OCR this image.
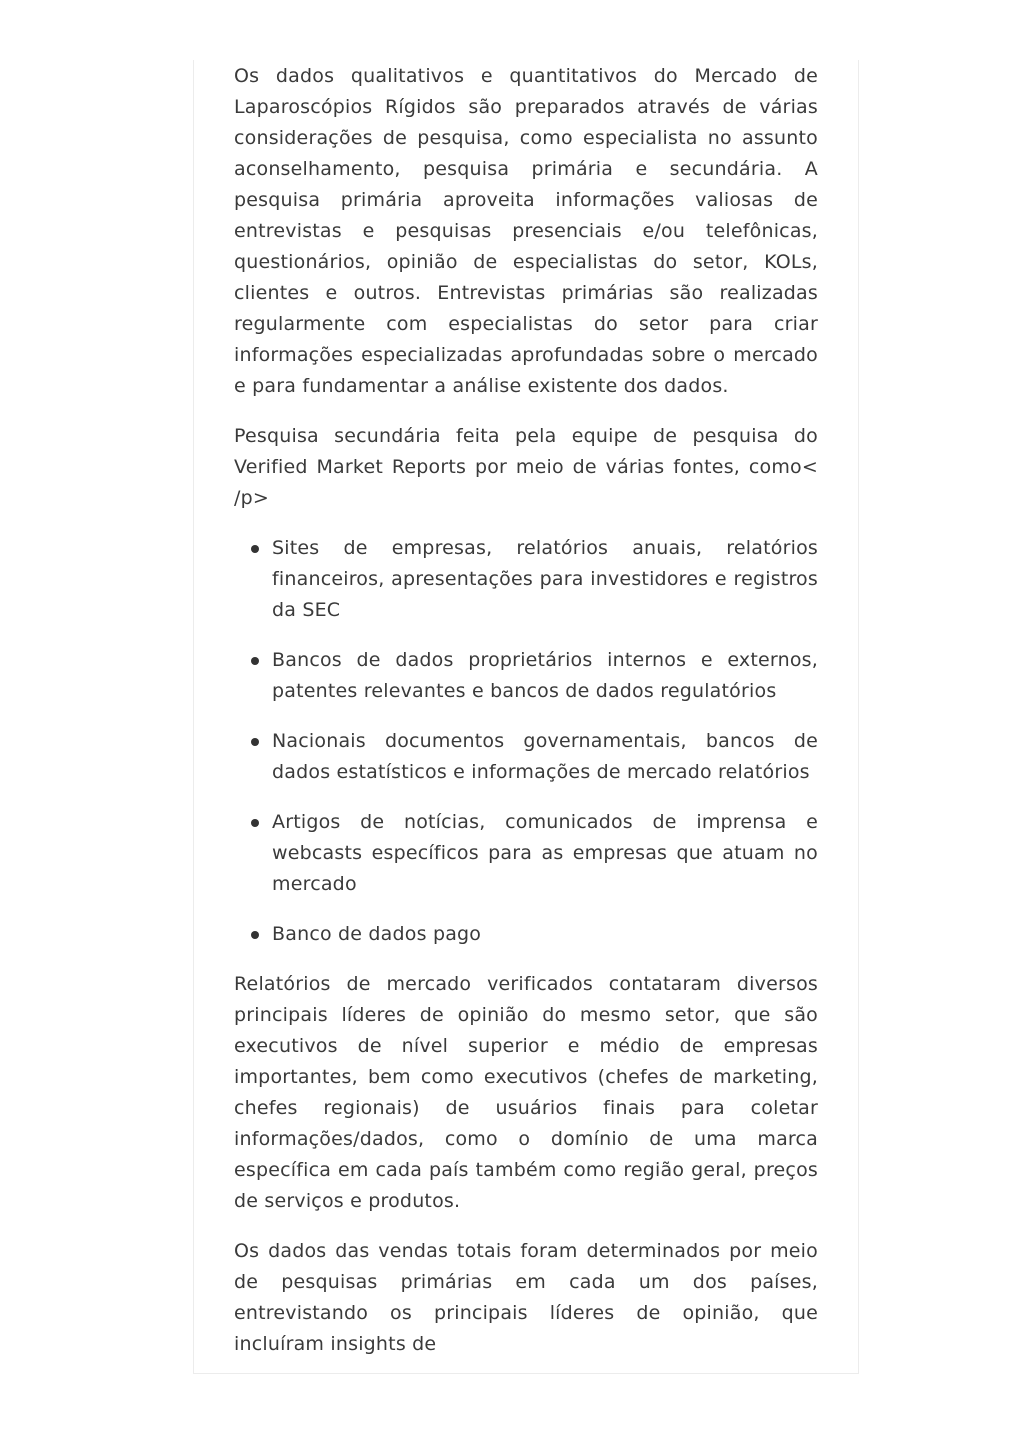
Os dados qualitativos e quantitativos do Mercado de Laparoscópios Rígidos são preparados através de várias considerações de pesquisa, como especialista no assunto aconselhamento, pesquisa primária e secundária. A pesquisa primária aproveita informações valiosas de entrevistas e pesquisas presenciais e/ou telefônicas, questionários, opinião de especialistas do setor, KOLs, clientes e outros. Entrevistas primárias são realizadas regularmente com especialistas do setor para criar informações especializadas aprofundadas sobre o mercado e para fundamentar a análise existente dos dados.

Pesquisa secundária feita pela equipe de pesquisa do Verified Market Reports por meio de várias fontes, como< /p>

Sites de empresas, relatórios anuais, relatórios financeiros, apresentações para investidores e registros da SEC
Bancos de dados proprietários internos e externos, patentes relevantes e bancos de dados regulatórios
Nacionais documentos governamentais, bancos de dados estatísticos e informações de mercado relatórios
Artigos de notícias, comunicados de imprensa e webcasts específicos para as empresas que atuam no mercado
Banco de dados pago

Relatórios de mercado verificados contataram diversos principais líderes de opinião do mesmo setor, que são executivos de nível superior e médio de empresas importantes, bem como executivos (chefes de marketing, chefes regionais) de usuários finais para coletar informações/dados, como o domínio de uma marca específica em cada país também como região geral, preços de serviços e produtos.

Os dados das vendas totais foram determinados por meio de pesquisas primárias em cada um dos países, entrevistando os principais líderes de opinião, que incluíram insights de
